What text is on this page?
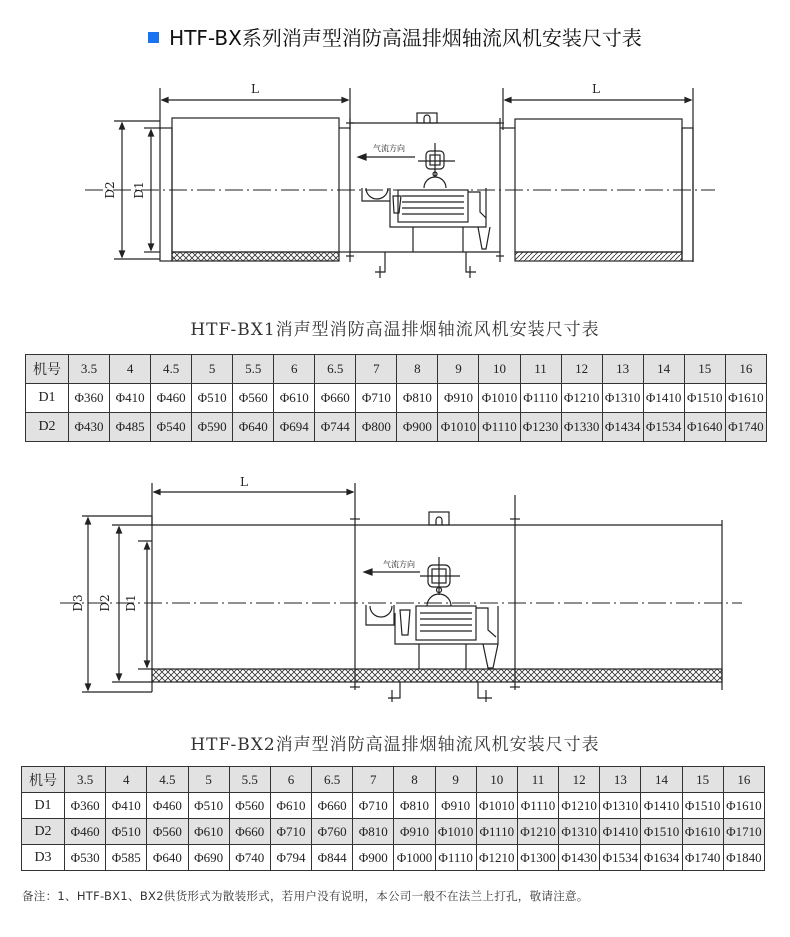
HTF-BX系列消声型消防高温排烟轴流风机安装尺寸表
L	L
D2 D1
气流方向
HTF-BX1消声型消防高温排烟轴流风机安装尺寸表
机号	3.5	4	4.5	5	5.5	6	6.5	7	8	9	10	11	12	13	14	15	16
D1	Φ360	Φ410	Φ460	Φ510	Φ560	Φ610	Φ660	Φ710	Φ810	Φ910	Φ1010	Φ1110	Φ1210	Φ1310	Φ1410	Φ1510	Φ1610
D2	Φ430	Φ485	Φ540	Φ590	Φ640	Φ694	Φ744	Φ800	Φ900	Φ1010	Φ1110	Φ1230	Φ1330	Φ1434	Φ1534	Φ1640	Φ1740
L
D3 D2 D1
气流方向
HTF-BX2消声型消防高温排烟轴流风机安装尺寸表
机号	3.5	4	4.5	5	5.5	6	6.5	7	8	9	10	11	12	13	14	15	16
D1	Φ360	Φ410	Φ460	Φ510	Φ560	Φ610	Φ660	Φ710	Φ810	Φ910	Φ1010	Φ1110	Φ1210	Φ1310	Φ1410	Φ1510	Φ1610
D2	Φ460	Φ510	Φ560	Φ610	Φ660	Φ710	Φ760	Φ810	Φ910	Φ1010	Φ1110	Φ1210	Φ1310	Φ1410	Φ1510	Φ1610	Φ1710
D3	Φ530	Φ585	Φ640	Φ690	Φ740	Φ794	Φ844	Φ900	Φ1000	Φ1110	Φ1210	Φ1300	Φ1430	Φ1534	Φ1634	Φ1740	Φ1840
备注：1、HTF-BX1、BX2供货形式为散装形式，若用户没有说明，本公司一般不在法兰上打孔，敬请注意。
